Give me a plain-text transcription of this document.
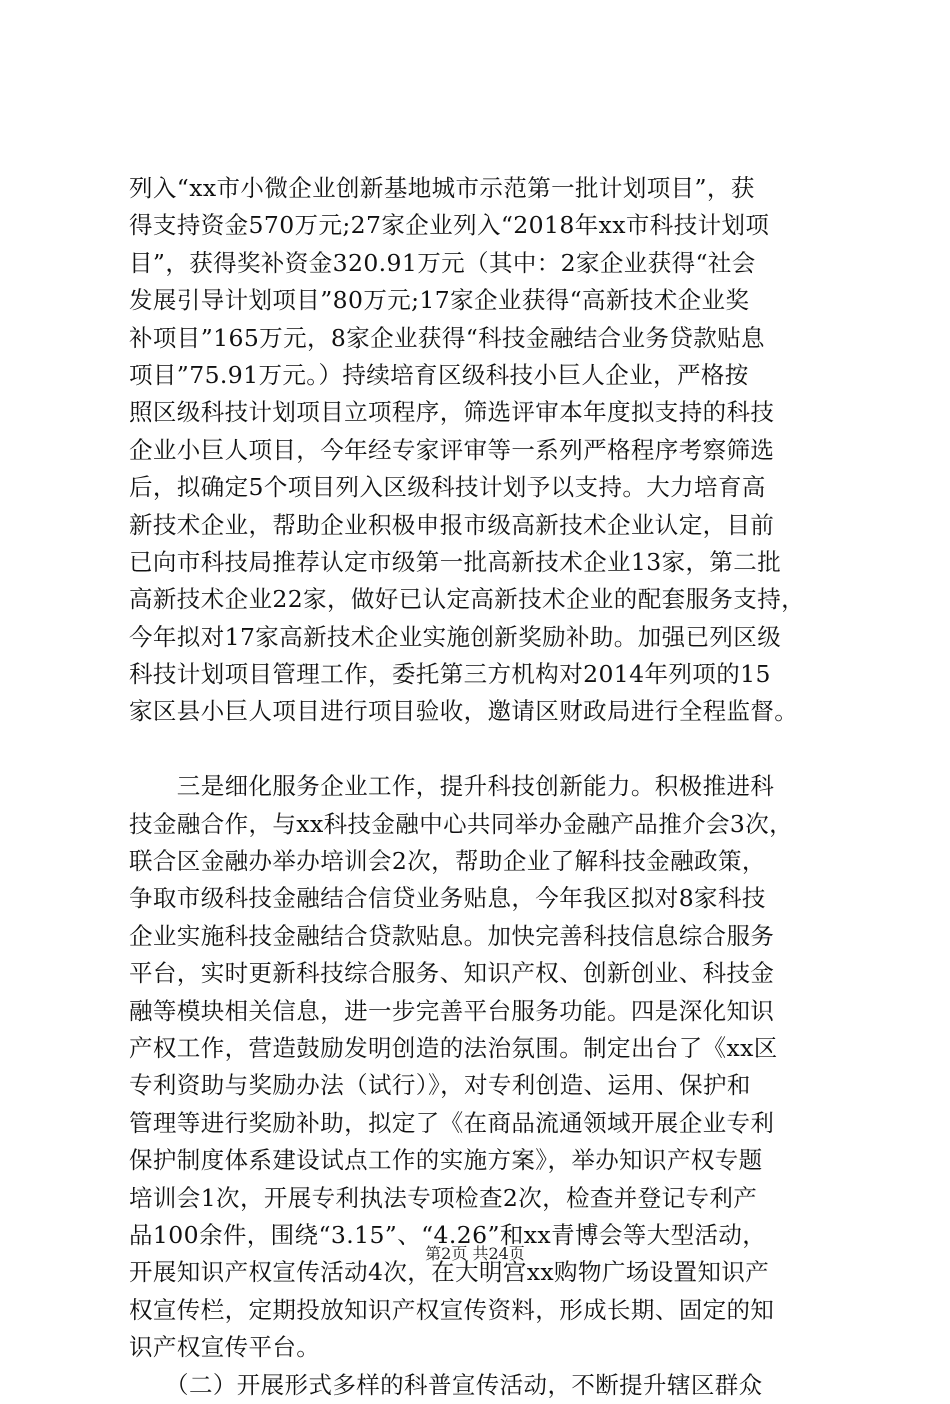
列入“xx市小微企业创新基地城市示范第一批计划项目”，获
得支持资金570万元;27家企业列入“2018年xx市科技计划项
目”，获得奖补资金320.91万元（其中：2家企业获得“社会
发展引导计划项目”80万元;17家企业获得“高新技术企业奖
补项目”165万元，8家企业获得“科技金融结合业务贷款贴息
项目”75.91万元。）持续培育区级科技小巨人企业，严格按
照区级科技计划项目立项程序，筛选评审本年度拟支持的科技
企业小巨人项目，今年经专家评审等一系列严格程序考察筛选
后，拟确定5个项目列入区级科技计划予以支持。大力培育高
新技术企业，帮助企业积极申报市级高新技术企业认定，目前
已向市科技局推荐认定市级第一批高新技术企业13家，第二批
高新技术企业22家，做好已认定高新技术企业的配套服务支持，
今年拟对17家高新技术企业实施创新奖励补助。加强已列区级
科技计划项目管理工作，委托第三方机构对2014年列项的15
家区县小巨人项目进行项目验收，邀请区财政局进行全程监督。
　　三是细化服务企业工作，提升科技创新能力。积极推进科
技金融合作，与xx科技金融中心共同举办金融产品推介会3次，
联合区金融办举办培训会2次，帮助企业了解科技金融政策，
争取市级科技金融结合信贷业务贴息，今年我区拟对8家科技
企业实施科技金融结合贷款贴息。加快完善科技信息综合服务
平台，实时更新科技综合服务、知识产权、创新创业、科技金
融等模块相关信息，进一步完善平台服务功能。四是深化知识
产权工作，营造鼓励发明创造的法治氛围。制定出台了《xx区
专利资助与奖励办法（试行）》，对专利创造、运用、保护和
管理等进行奖励补助，拟定了《在商品流通领域开展企业专利
保护制度体系建设试点工作的实施方案》，举办知识产权专题
培训会1次，开展专利执法专项检查2次，检查并登记专利产
品100余件，围绕“3.15”、“4.26”和xx青博会等大型活动，
开展知识产权宣传活动4次，在大明宫xx购物广场设置知识产
权宣传栏，定期投放知识产权宣传资料，形成长期、固定的知
识产权宣传平台。
　　（二）开展形式多样的科普宣传活动，不断提升辖区群众
第2页 共24页
